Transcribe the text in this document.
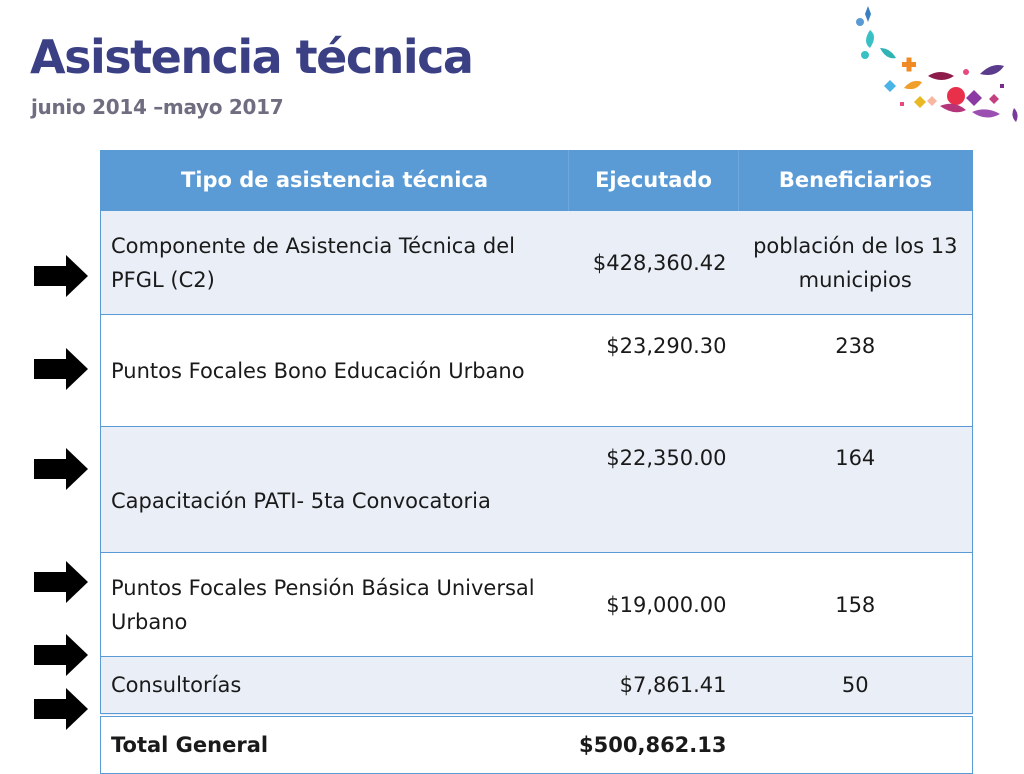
Asistencia técnica
junio 2014 –mayo 2017
Tipo de asistencia técnica	Ejecutado	Beneficiarios
Componente de Asistencia Técnica del PFGL (C2)	$428,360.42	población de los 13 municipios
Puntos Focales Bono Educación Urbano	$23,290.30	238
Capacitación PATI- 5ta Convocatoria	$22,350.00	164
Puntos Focales Pensión Básica Universal Urbano	$19,000.00	158
Consultorías	$7,861.41	50
Total General	$500,862.13	
